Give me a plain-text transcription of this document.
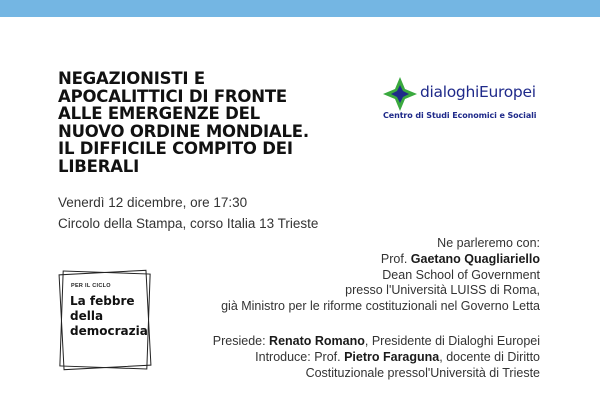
NEGAZIONISTI E
APOCALITTICI DI FRONTE
ALLE EMERGENZE DEL
NUOVO ORDINE MONDIALE.
IL DIFFICILE COMPITO DEI
LIBERALI
dialoghiEuropei
Centro di Studi Economici e Sociali

Venerdì 12 dicembre, ore 17:30

Circolo della Stampa, corso Italia 13 Trieste

Ne parleremo con:
Prof. Gaetano Quagliariello
Dean School of Government
presso l'Università LUISS di Roma,
già Ministro per le riforme costituzionali nel Governo Letta
Presiede: Renato Romano, Presidente di Dialoghi Europei
Introduce: Prof. Pietro Faraguna, docente di Diritto
Costituzionale pressol'Università di Trieste
PER IL CICLO
La febbre
della
democrazia
